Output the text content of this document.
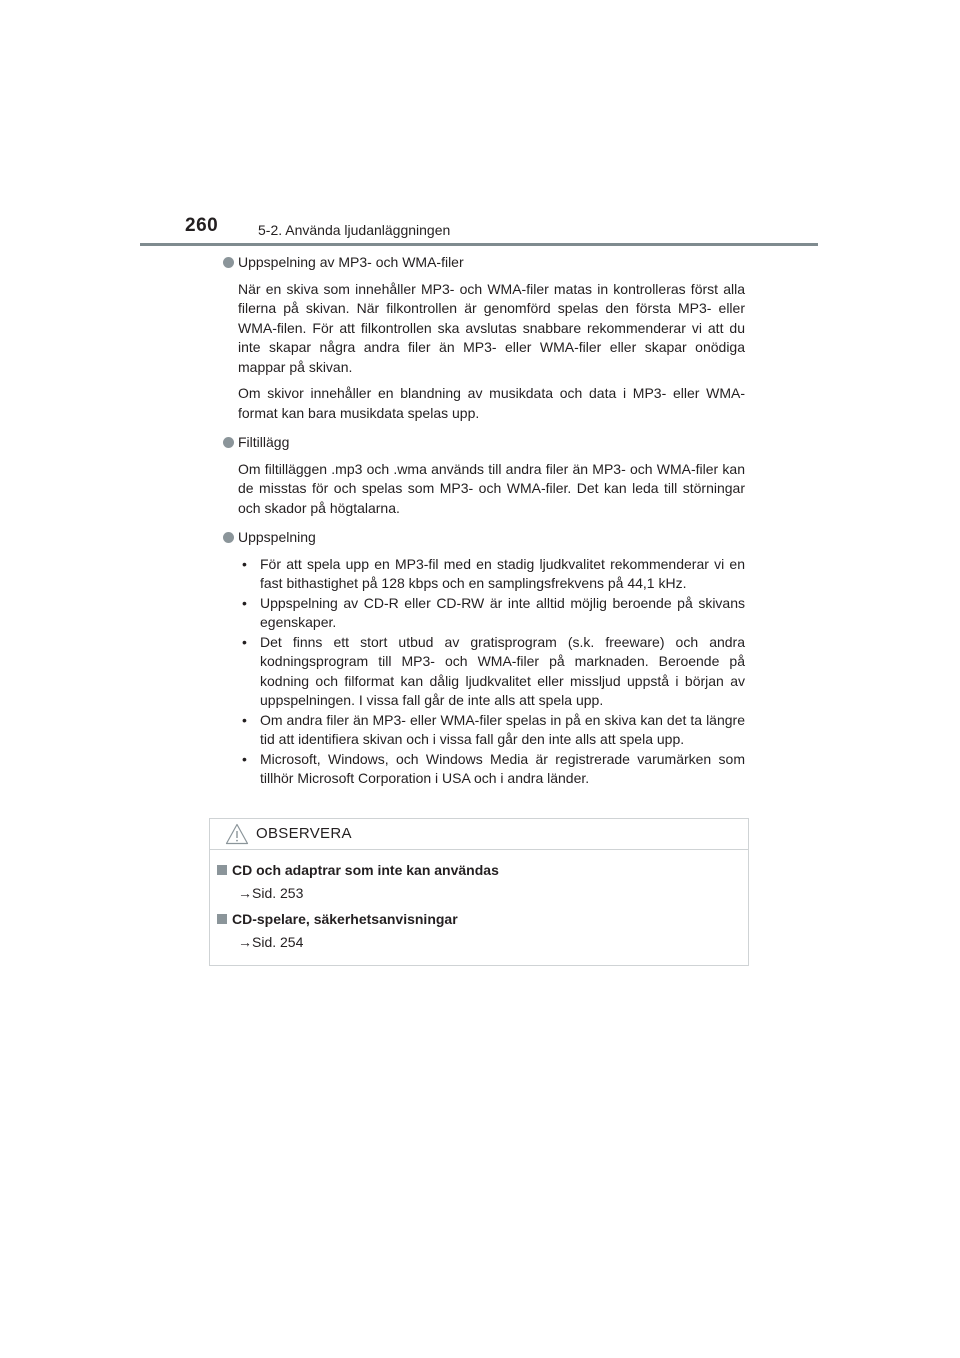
260	5-2. Använda ljudanläggningen
Uppspelning av MP3- och WMA-filer

När en skiva som innehåller MP3- och WMA-filer matas in kontrolleras först alla filerna på skivan. När filkontrollen är genomförd spelas den första MP3- eller WMA-filen. För att filkontrollen ska avslutas snabbare rekommenderar vi att du inte skapar några andra filer än MP3- eller WMA-filer eller skapar onödiga mappar på skivan.

Om skivor innehåller en blandning av musikdata och data i MP3- eller WMA-format kan bara musikdata spelas upp.

Filtillägg

Om filtilläggen .mp3 och .wma används till andra filer än MP3- och WMA-filer kan de misstas för och spelas som MP3- och WMA-filer. Det kan leda till störningar och skador på högtalarna.

Uppspelning
• För att spela upp en MP3-fil med en stadig ljudkvalitet rekommenderar vi en fast bithastighet på 128 kbps och en samplingsfrekvens på 44,1 kHz.
• Uppspelning av CD-R eller CD-RW är inte alltid möjlig beroende på skivans egenskaper.
• Det finns ett stort utbud av gratisprogram (s.k. freeware) och andra kodningsprogram till MP3- och WMA-filer på marknaden. Beroende på kodning och filformat kan dålig ljudkvalitet eller missljud uppstå i början av uppspelningen. I vissa fall går de inte alls att spela upp.
• Om andra filer än MP3- eller WMA-filer spelas in på en skiva kan det ta längre tid att identifiera skivan och i vissa fall går den inte alls att spela upp.
• Microsoft, Windows, och Windows Media är registrerade varumärken som tillhör Microsoft Corporation i USA och i andra länder.
OBSERVERA
CD och adaptrar som inte kan användas
→Sid. 253
CD-spelare, säkerhetsanvisningar
→Sid. 254
